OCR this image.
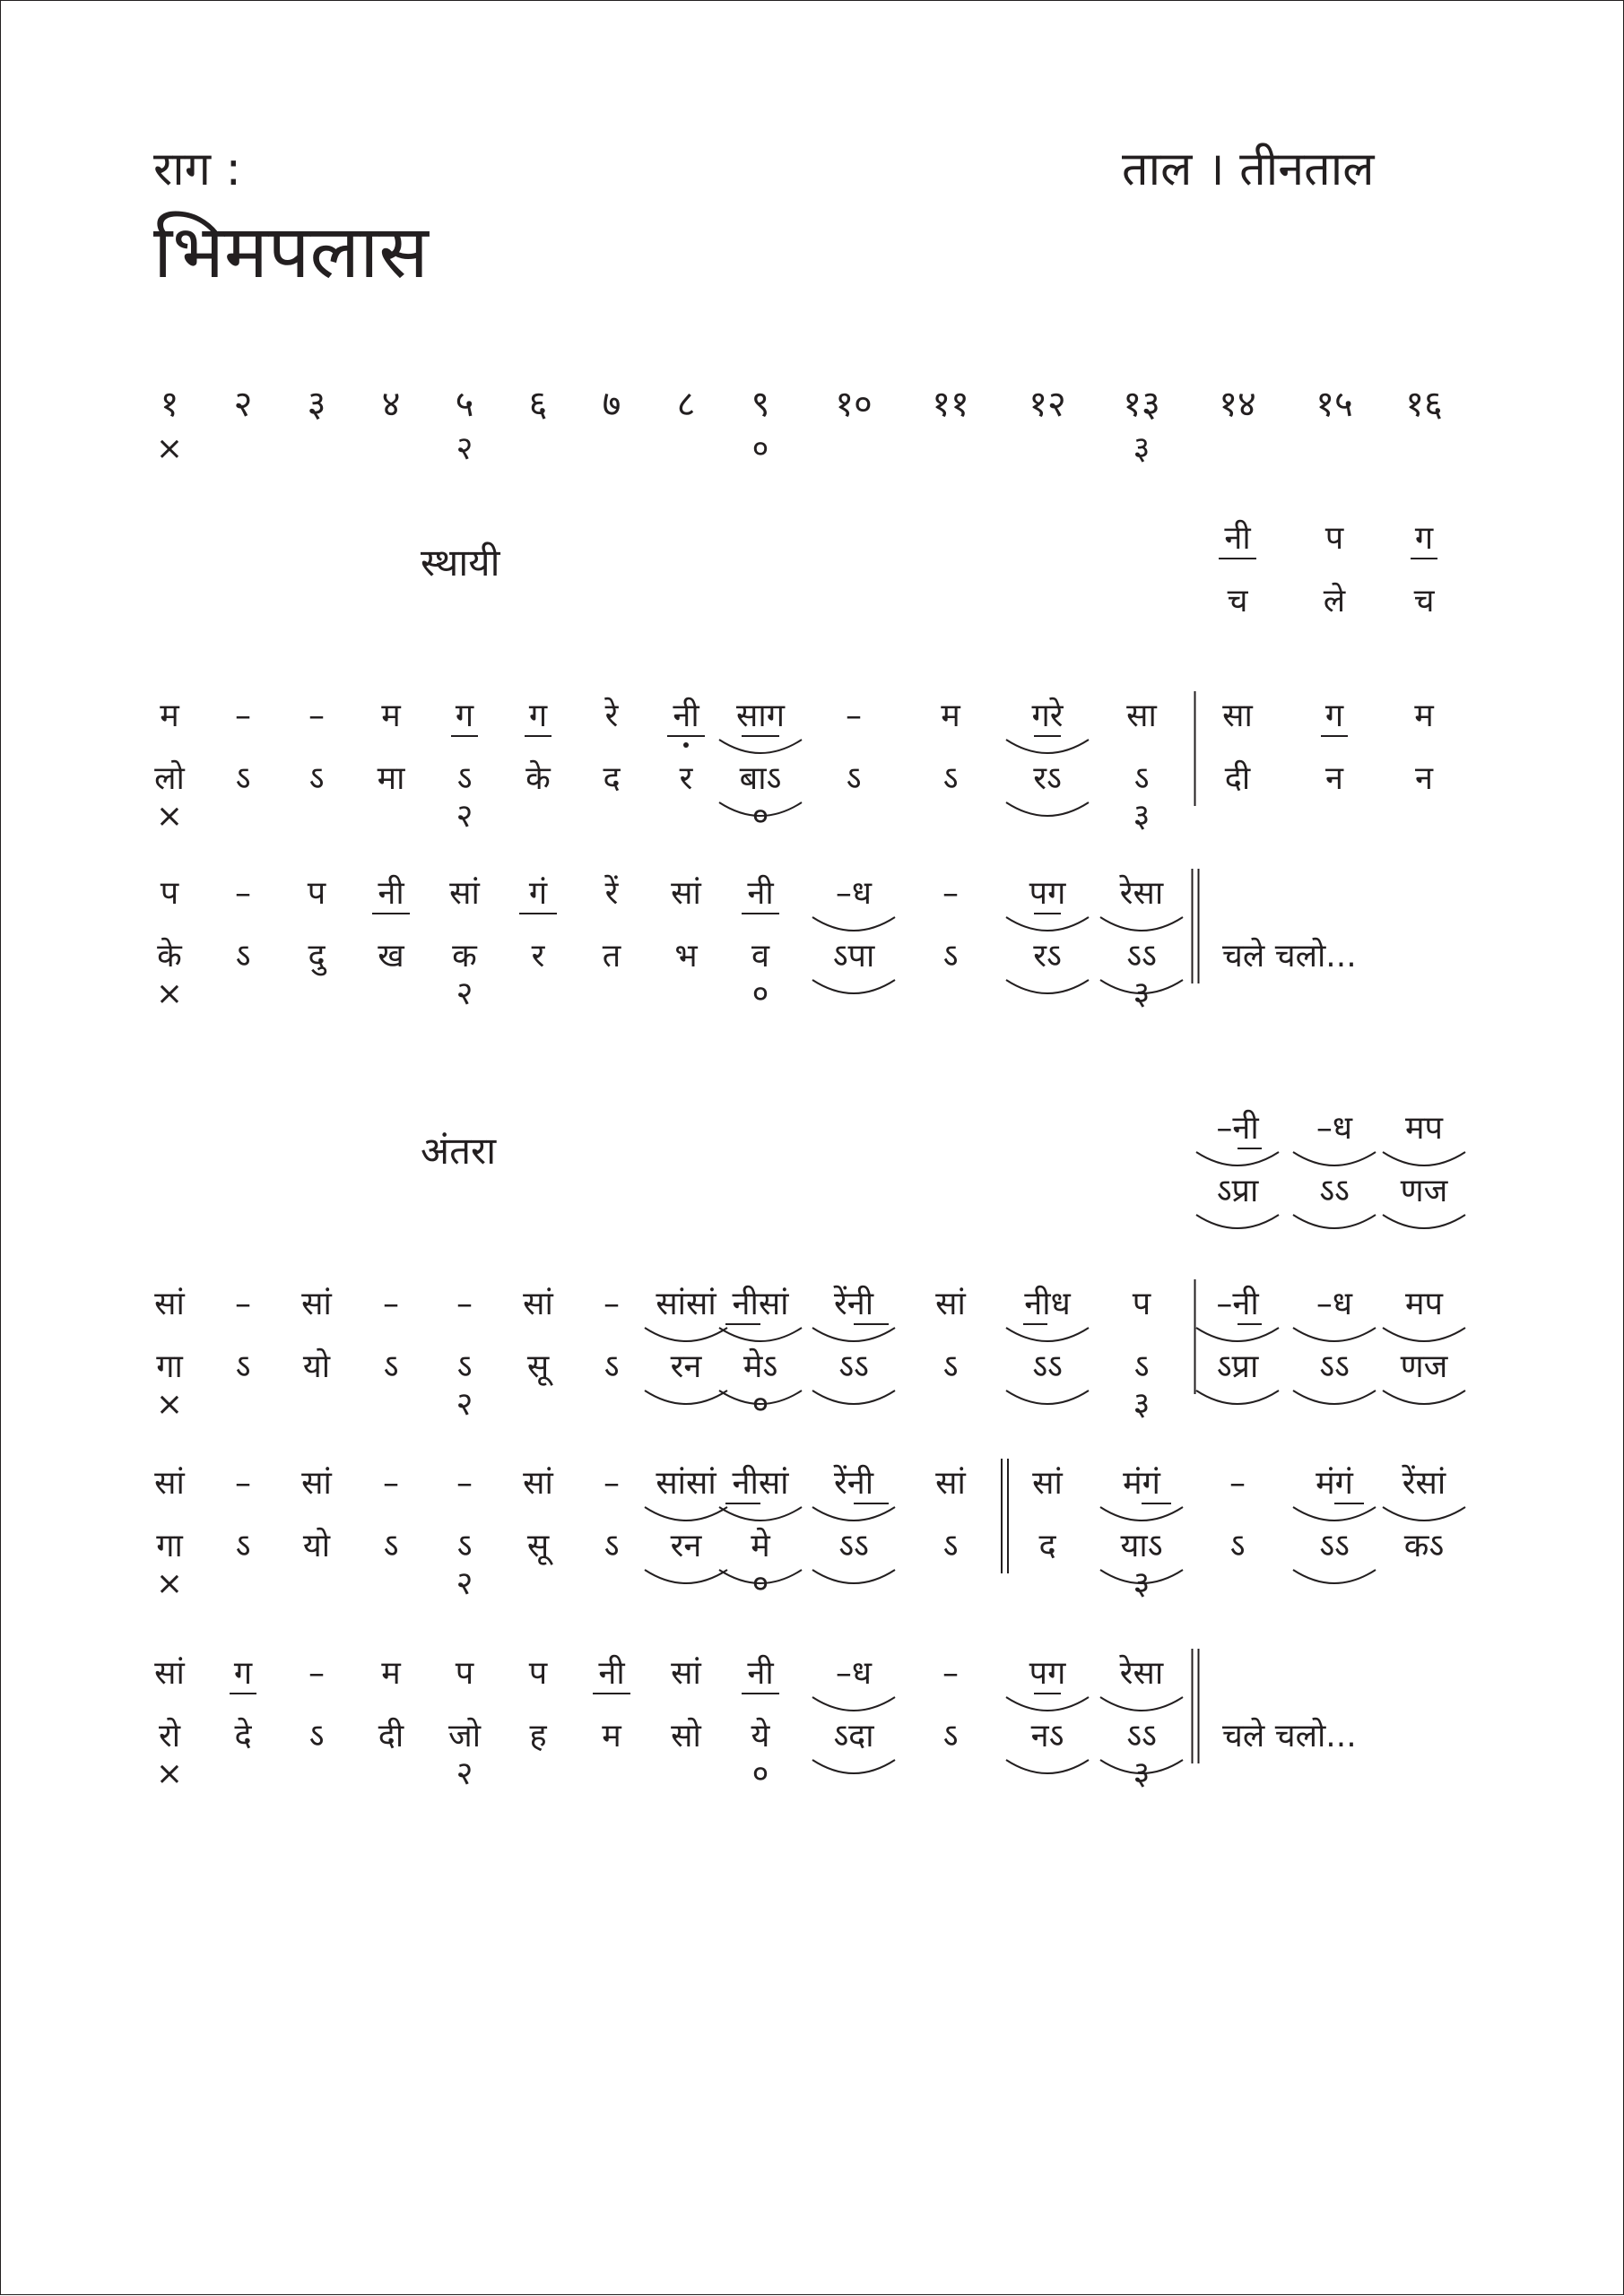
राग :
भिमपलास
ताल । तीनताल
१ २ ३ ४ ५ ६ ७ ८ ९ १० ११ १२ १३ १४ १५ १६
×	२	०	३
स्थायी
अंतरा
नी प ग
च ले च
म – – म ग ग रे नी साग – म गरे सा सा ग म
लो ऽ ऽ मा ऽ के द र बाऽ ऽ	ऽ रऽ ऽ दी न न
×	२	०	३
प – प नी सां गं रें सां नी –ध – पग रेसा
के ऽ दु ख क र त भ व ऽपा ऽ रऽ ऽऽ
×	२	०	३
चले चलो...
–नी –ध मप
ऽप्रा ऽऽ णज
सां – सां – – सां – सांसां नीसां रेंनी सां नीध प –नी –ध मप
गा ऽ यो ऽ ऽ सू ऽ रन मेऽ ऽऽ ऽ ऽऽ ऽ ऽप्रा ऽऽ णज
×	२	०	३
सां – सां – – सां – सांसां नीसां रेंनी सां सां मंगं – मंगं रेंसां
गा ऽ यो ऽ ऽ सू ऽ रन मे ऽऽ ऽ	द याऽ ऽ ऽऽ कऽ
×	२	०	३
सां ग – म प प नी सां नी –ध – पग रेसा
रो दे ऽ दी जो ह म सो ये ऽदा ऽ नऽ ऽऽ
×	२	०	३
चले चलो...
